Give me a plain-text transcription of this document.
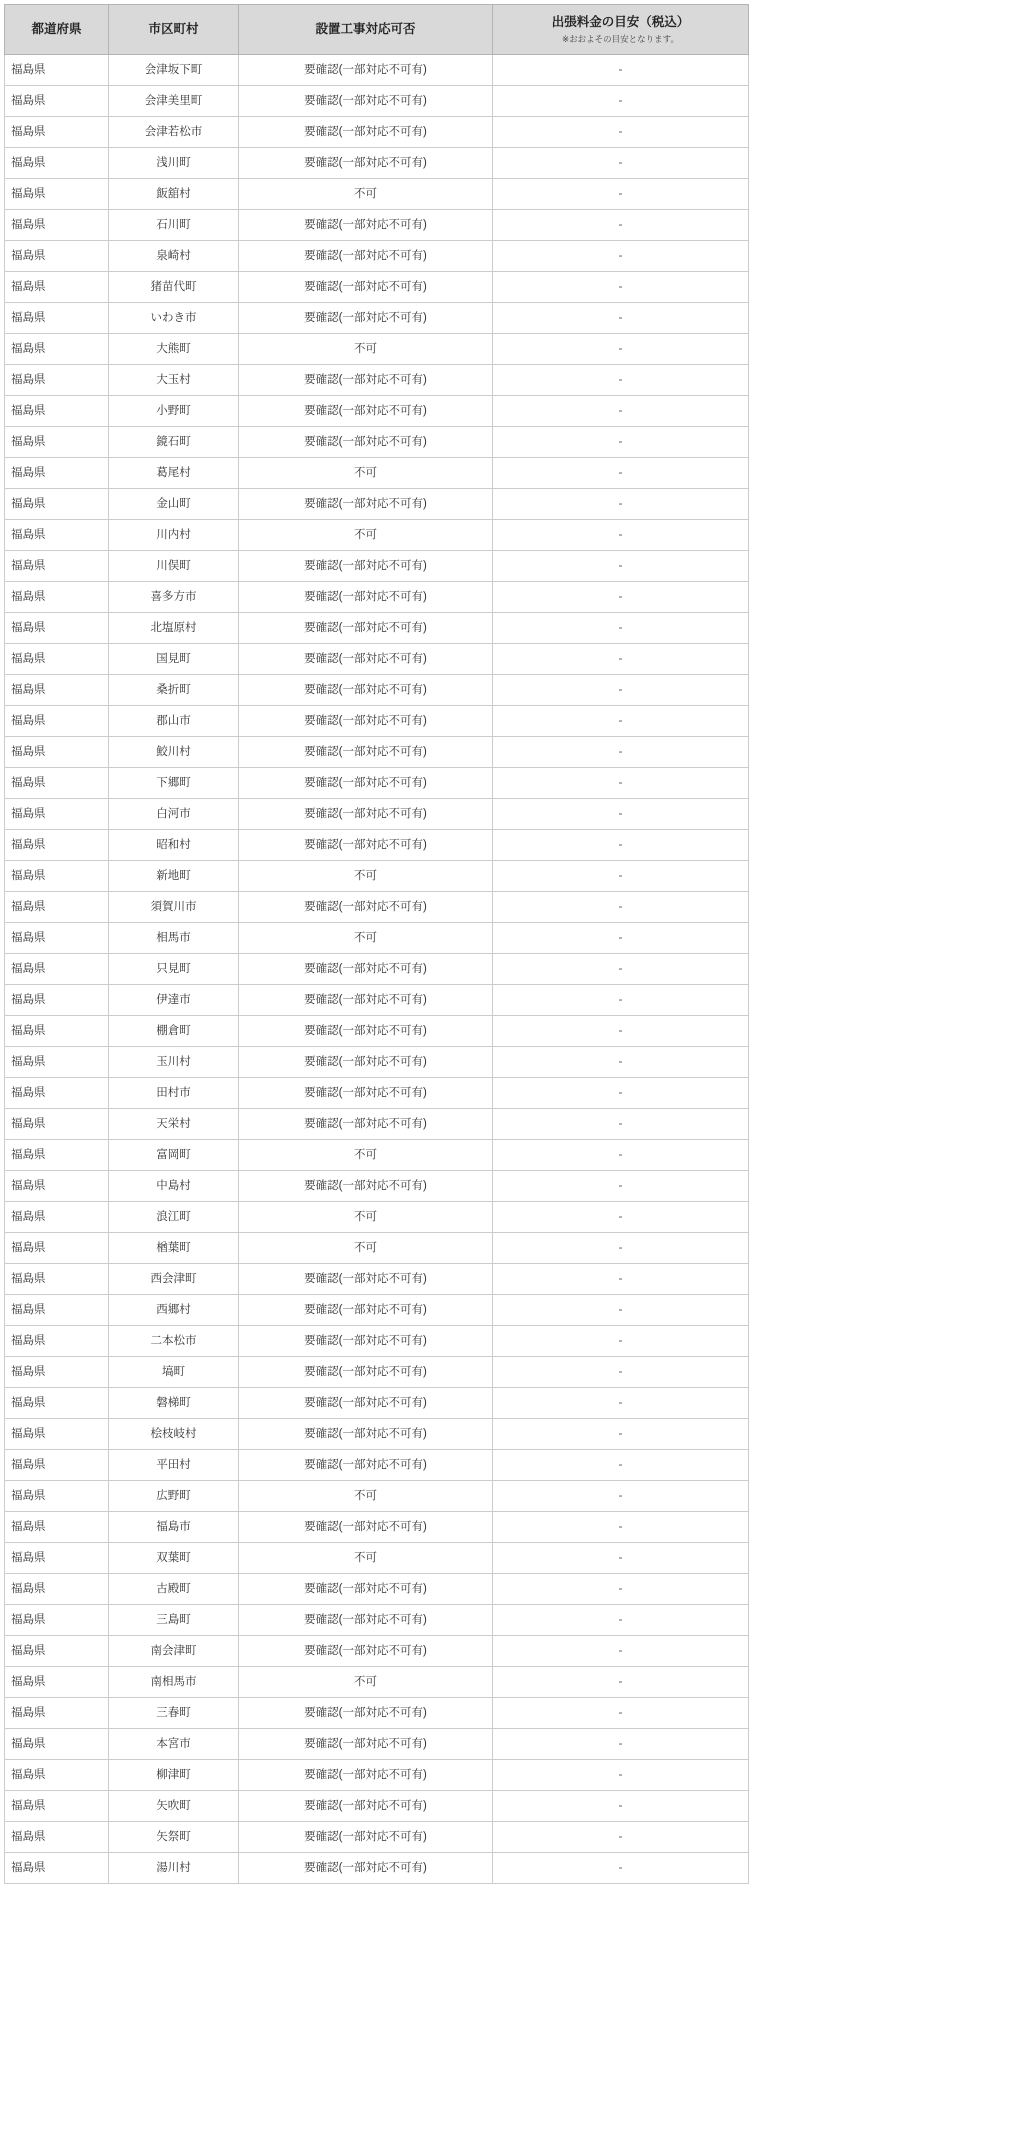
都道府県	市区町村	設置工事対応可否	出張料金の目安（税込）
※おおよその目安となります。

福島県	会津坂下町	要確認(一部対応不可有)	-
福島県	会津美里町	要確認(一部対応不可有)	-
福島県	会津若松市	要確認(一部対応不可有)	-
福島県	浅川町	要確認(一部対応不可有)	-
福島県	飯舘村	不可	-
福島県	石川町	要確認(一部対応不可有)	-
福島県	泉崎村	要確認(一部対応不可有)	-
福島県	猪苗代町	要確認(一部対応不可有)	-
福島県	いわき市	要確認(一部対応不可有)	-
福島県	大熊町	不可	-
福島県	大玉村	要確認(一部対応不可有)	-
福島県	小野町	要確認(一部対応不可有)	-
福島県	鏡石町	要確認(一部対応不可有)	-
福島県	葛尾村	不可	-
福島県	金山町	要確認(一部対応不可有)	-
福島県	川内村	不可	-
福島県	川俣町	要確認(一部対応不可有)	-
福島県	喜多方市	要確認(一部対応不可有)	-
福島県	北塩原村	要確認(一部対応不可有)	-
福島県	国見町	要確認(一部対応不可有)	-
福島県	桑折町	要確認(一部対応不可有)	-
福島県	郡山市	要確認(一部対応不可有)	-
福島県	鮫川村	要確認(一部対応不可有)	-
福島県	下郷町	要確認(一部対応不可有)	-
福島県	白河市	要確認(一部対応不可有)	-
福島県	昭和村	要確認(一部対応不可有)	-
福島県	新地町	不可	-
福島県	須賀川市	要確認(一部対応不可有)	-
福島県	相馬市	不可	-
福島県	只見町	要確認(一部対応不可有)	-
福島県	伊達市	要確認(一部対応不可有)	-
福島県	棚倉町	要確認(一部対応不可有)	-
福島県	玉川村	要確認(一部対応不可有)	-
福島県	田村市	要確認(一部対応不可有)	-
福島県	天栄村	要確認(一部対応不可有)	-
福島県	富岡町	不可	-
福島県	中島村	要確認(一部対応不可有)	-
福島県	浪江町	不可	-
福島県	楢葉町	不可	-
福島県	西会津町	要確認(一部対応不可有)	-
福島県	西郷村	要確認(一部対応不可有)	-
福島県	二本松市	要確認(一部対応不可有)	-
福島県	塙町	要確認(一部対応不可有)	-
福島県	磐梯町	要確認(一部対応不可有)	-
福島県	桧枝岐村	要確認(一部対応不可有)	-
福島県	平田村	要確認(一部対応不可有)	-
福島県	広野町	不可	-
福島県	福島市	要確認(一部対応不可有)	-
福島県	双葉町	不可	-
福島県	古殿町	要確認(一部対応不可有)	-
福島県	三島町	要確認(一部対応不可有)	-
福島県	南会津町	要確認(一部対応不可有)	-
福島県	南相馬市	不可	-
福島県	三春町	要確認(一部対応不可有)	-
福島県	本宮市	要確認(一部対応不可有)	-
福島県	柳津町	要確認(一部対応不可有)	-
福島県	矢吹町	要確認(一部対応不可有)	-
福島県	矢祭町	要確認(一部対応不可有)	-
福島県	湯川村	要確認(一部対応不可有)	-
